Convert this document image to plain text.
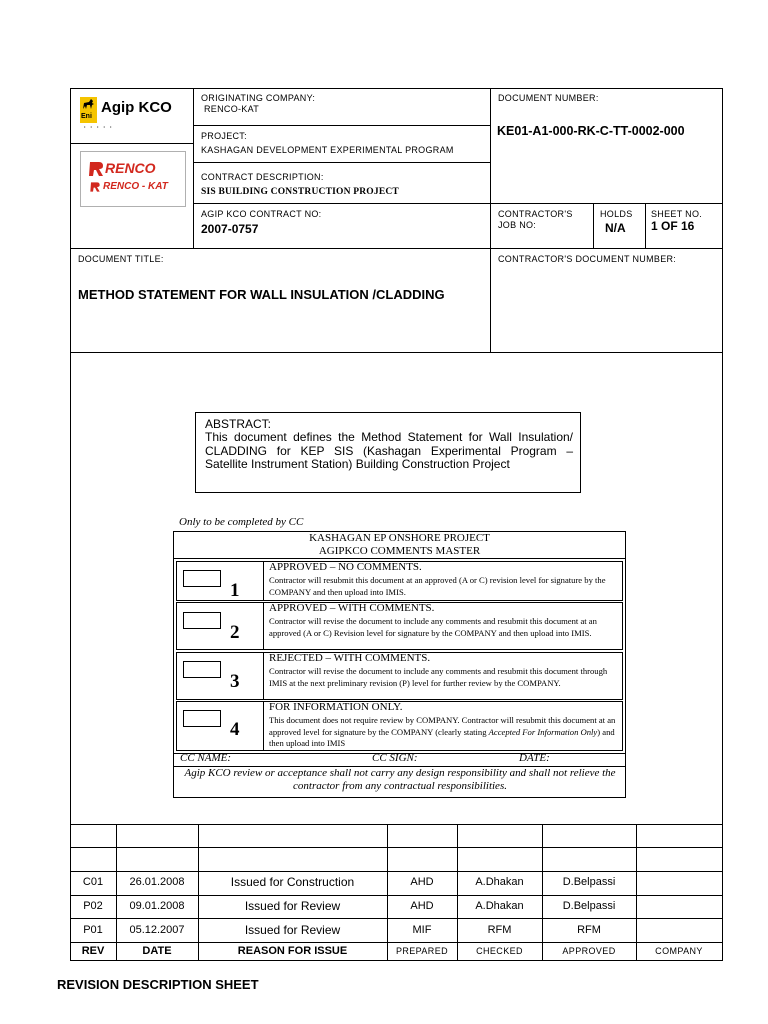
Eni
• • • • •
Agip KCO
RENCO
RENCO - KAT
ORIGINATING COMPANY:
RENCO-KAT
PROJECT:
KASHAGAN DEVELOPMENT EXPERIMENTAL PROGRAM
CONTRACT DESCRIPTION:
SIS BUILDING CONSTRUCTION PROJECT
AGIP KCO CONTRACT NO:
2007-0757
DOCUMENT NUMBER:
KE01-A1-000-RK-C-TT-0002-000
CONTRACTOR'S
JOB NO:
HOLDS
N/A
SHEET NO.
1 OF 16
DOCUMENT TITLE:
METHOD STATEMENT FOR WALL INSULATION /CLADDING
CONTRACTOR'S DOCUMENT NUMBER:
ABSTRACT:
This document defines the Method Statement for Wall Insulation/ CLADDING for KEP SIS (Kashagan Experimental Program – Satellite Instrument Station) Building Construction Project
Only to be completed by CC
KASHAGAN EP ONSHORE PROJECT
AGIPKCO COMMENTS MASTER
1
APPROVED – NO COMMENTS.
Contractor will resubmit this document at an approved (A or C) revision level for signature by the COMPANY and then upload into IMIS.
2
APPROVED – WITH COMMENTS.
Contractor will revise the document to include any comments and resubmit this document at an approved (A or C) Revision level for signature by the COMPANY and then upload into IMIS.
3
REJECTED – WITH COMMENTS.
Contractor will revise the document to include any comments and resubmit this document through IMIS at the next preliminary revision (P) level for further review by the COMPANY.
4
FOR INFORMATION ONLY.
This document does not require review by COMPANY. Contractor will resubmit this document at an approved level for signature by the COMPANY (clearly stating Accepted For Information Only) and then upload into IMIS
CC NAME:	CC SIGN:	DATE:
Agip KCO review or acceptance shall not carry any design responsibility and shall not relieve the contractor from any contractual responsibilities.
C01	26.01.2008	Issued for Construction	AHD	A.Dhakan	D.Belpassi
P02	09.01.2008	Issued for Review	AHD	A.Dhakan	D.Belpassi
P01	05.12.2007	Issued for Review	MIF	RFM	RFM
REV	DATE	REASON FOR ISSUE	PREPARED	CHECKED	APPROVED	COMPANY
REVISION DESCRIPTION SHEET
